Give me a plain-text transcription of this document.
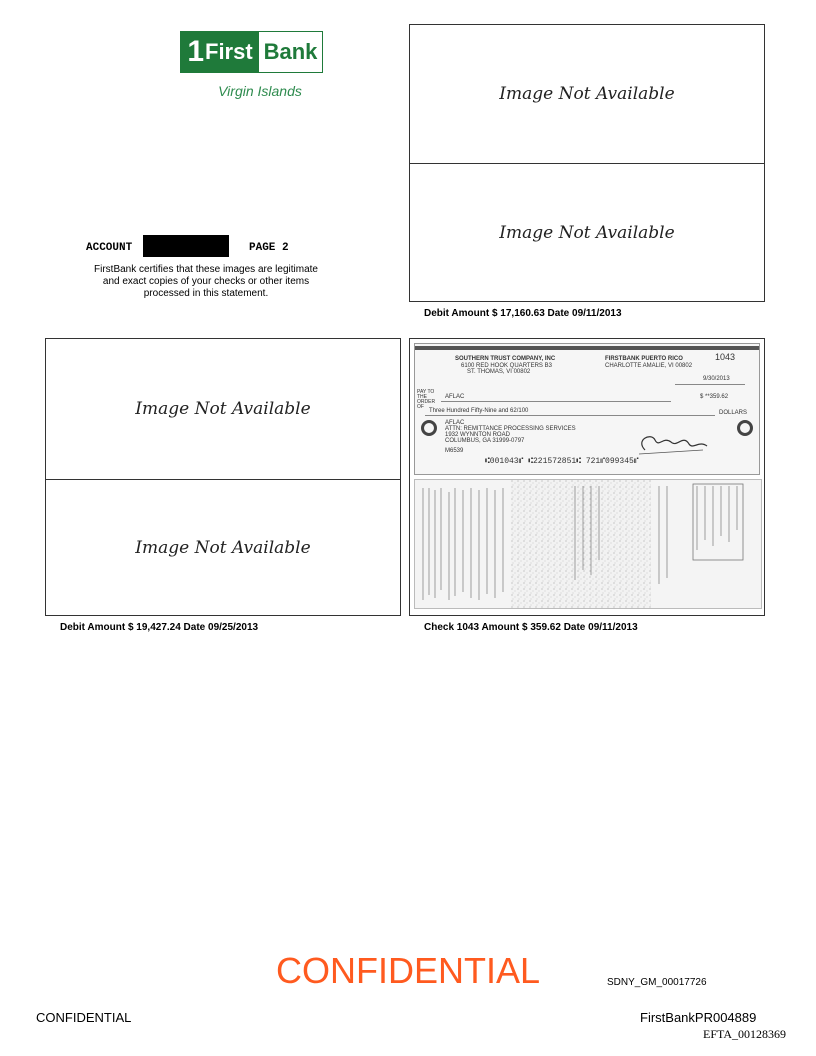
1 First Bank
Virgin Islands
ACCOUNT	PAGE 2
FirstBank certifies that these images are legitimate and exact copies of your checks or other items processed in this statement.
Image Not Available
Image Not Available
Debit Amount $ 17,160.63 Date 09/11/2013
Image Not Available
Image Not Available
Debit Amount $ 19,427.24 Date 09/25/2013
SOUTHERN TRUST COMPANY, INC
6100 RED HOOK QUARTERS B3
ST. THOMAS, VI 00802
FIRSTBANK PUERTO RICO
CHARLOTTE AMALIE, VI 00802
1043
9/30/2013
PAY TO THE ORDER OF
AFLAC	$ **359.62
Three Hundred Fifty-Nine and 62/100	DOLLARS
AFLAC
ATTN: REMITTANCE PROCESSING SERVICES
1932 WYNNTON ROAD
COLUMBUS, GA 31999-0797
M6539
⑆001043⑈ ⑆221572851⑆ 721⑈099345⑈
Check 1043 Amount $ 359.62 Date 09/11/2013
CONFIDENTIAL	SDNY_GM_00017726
CONFIDENTIAL	FirstBankPR004889
EFTA_00128369
